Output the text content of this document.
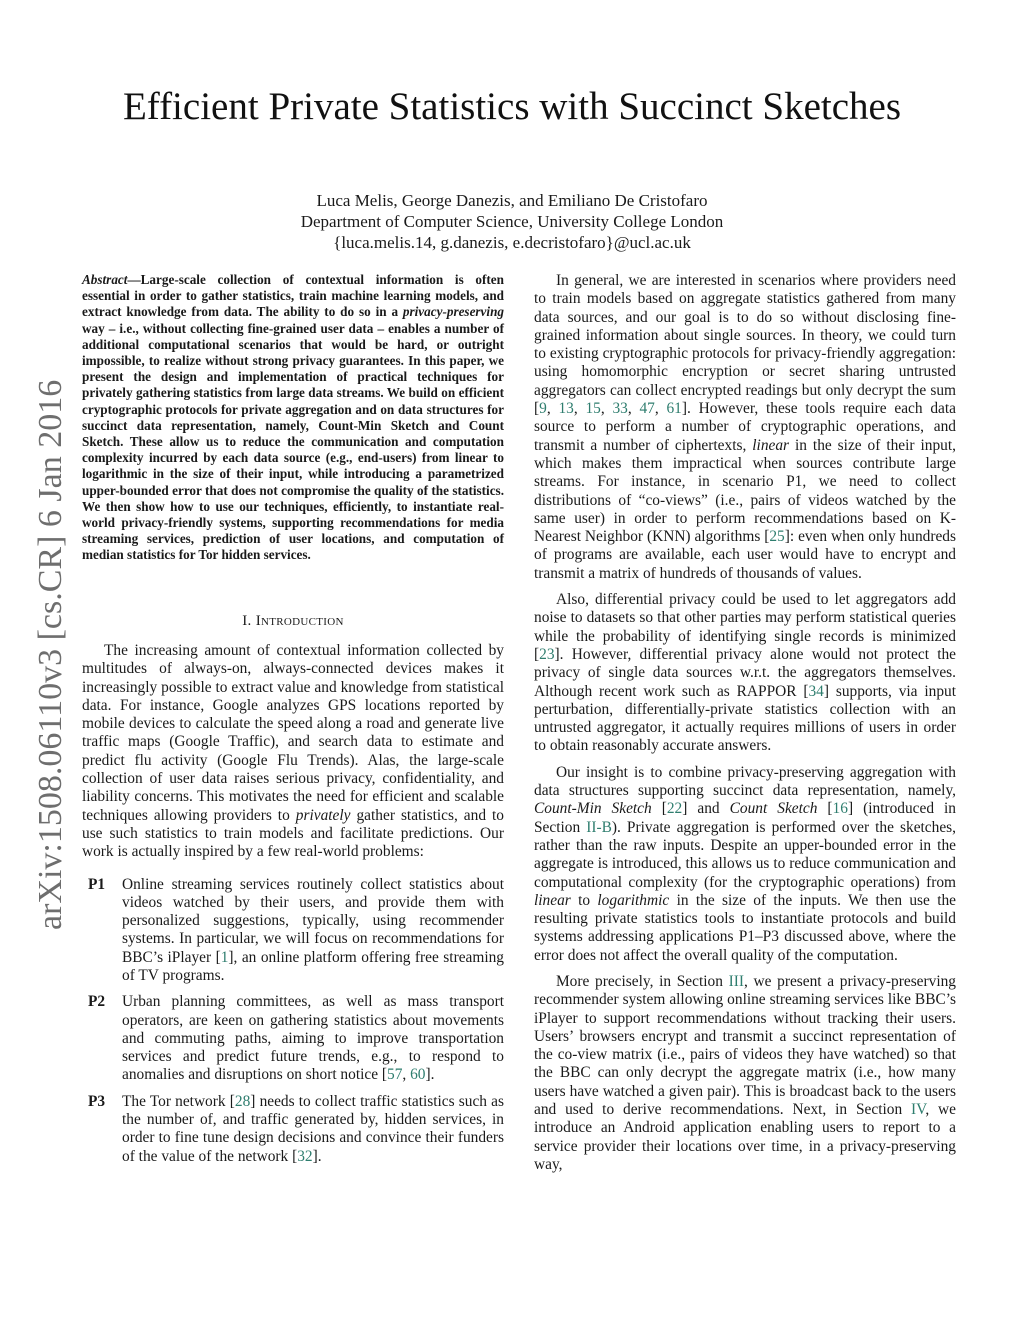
arXiv:1508.06110v3 [cs.CR] 6 Jan 2016
Efficient Private Statistics with Succinct Sketches
Luca Melis, George Danezis, and Emiliano De Cristofaro
Department of Computer Science, University College London
{luca.melis.14, g.danezis, e.decristofaro}@ucl.ac.uk
Abstract—Large-scale collection of contextual information is often essential in order to gather statistics, train machine learning models, and extract knowledge from data. The ability to do so in a privacy-preserving way – i.e., without collecting fine-grained user data – enables a number of additional computational scenarios that would be hard, or outright impossible, to realize without strong privacy guarantees. In this paper, we present the design and implementation of practical techniques for privately gathering statistics from large data streams. We build on efficient cryptographic protocols for private aggregation and on data structures for succinct data representation, namely, Count-Min Sketch and Count Sketch. These allow us to reduce the communication and computation complexity incurred by each data source (e.g., end-users) from linear to logarithmic in the size of their input, while introducing a parametrized upper-bounded error that does not compromise the quality of the statistics. We then show how to use our techniques, efficiently, to instantiate real-world privacy-friendly systems, supporting recommendations for media streaming services, prediction of user locations, and computation of median statistics for Tor hidden services.
I. Introduction

The increasing amount of contextual information collected by multitudes of always-on, always-connected devices makes it increasingly possible to extract value and knowledge from statistical data. For instance, Google analyzes GPS locations reported by mobile devices to calculate the speed along a road and generate live traffic maps (Google Traffic), and search data to estimate and predict flu activity (Google Flu Trends). Alas, the large-scale collection of user data raises serious privacy, confidentiality, and liability concerns. This motivates the need for efficient and scalable techniques allowing providers to privately gather statistics, and to use such statistics to train models and facilitate predictions. Our work is actually inspired by a few real-world problems:

P1	Online streaming services routinely collect statistics about videos watched by their users, and provide them with personalized suggestions, typically, using recommender systems. In particular, we will focus on recommendations for BBC’s iPlayer [1], an online platform offering free streaming of TV programs.
P2	Urban planning committees, as well as mass transport operators, are keen on gathering statistics about movements and commuting paths, aiming to improve transportation services and predict future trends, e.g., to respond to anomalies and disruptions on short notice [57, 60].
P3	The Tor network [28] needs to collect traffic statistics such as the number of, and traffic generated by, hidden services, in order to fine tune design decisions and convince their funders of the value of the network [32].

In general, we are interested in scenarios where providers need to train models based on aggregate statistics gathered from many data sources, and our goal is to do so without disclosing fine-grained information about single sources. In theory, we could turn to existing cryptographic protocols for privacy-friendly aggregation: using homomorphic encryption or secret sharing untrusted aggregators can collect encrypted readings but only decrypt the sum [9, 13, 15, 33, 47, 61]. However, these tools require each data source to perform a number of cryptographic operations, and transmit a number of ciphertexts, linear in the size of their input, which makes them impractical when sources contribute large streams. For instance, in scenario P1, we need to collect distributions of “co-views” (i.e., pairs of videos watched by the same user) in order to perform recommendations based on K-Nearest Neighbor (KNN) algorithms [25]: even when only hundreds of programs are available, each user would have to encrypt and transmit a matrix of hundreds of thousands of values.

Also, differential privacy could be used to let aggregators add noise to datasets so that other parties may perform statistical queries while the probability of identifying single records is minimized [23]. However, differential privacy alone would not protect the privacy of single data sources w.r.t. the aggregators themselves. Although recent work such as RAPPOR [34] supports, via input perturbation, differentially-private statistics collection with an untrusted aggregator, it actually requires millions of users in order to obtain reasonably accurate answers.

Our insight is to combine privacy-preserving aggregation with data structures supporting succinct data representation, namely, Count-Min Sketch [22] and Count Sketch [16] (introduced in Section II-B). Private aggregation is performed over the sketches, rather than the raw inputs. Despite an upper-bounded error in the aggregate is introduced, this allows us to reduce communication and computational complexity (for the cryptographic operations) from linear to logarithmic in the size of the inputs. We then use the resulting private statistics tools to instantiate protocols and build systems addressing applications P1–P3 discussed above, where the error does not affect the overall quality of the computation.

More precisely, in Section III, we present a privacy-preserving recommender system allowing online streaming services like BBC’s iPlayer to support recommendations without tracking their users. Users’ browsers encrypt and transmit a succinct representation of the co-view matrix (i.e., pairs of videos they have watched) so that the BBC can only decrypt the aggregate matrix (i.e., how many users have watched a given pair). This is broadcast back to the users and used to derive recommendations. Next, in Section IV, we introduce an Android application enabling users to report to a service provider their locations over time, in a privacy-preserving way,
